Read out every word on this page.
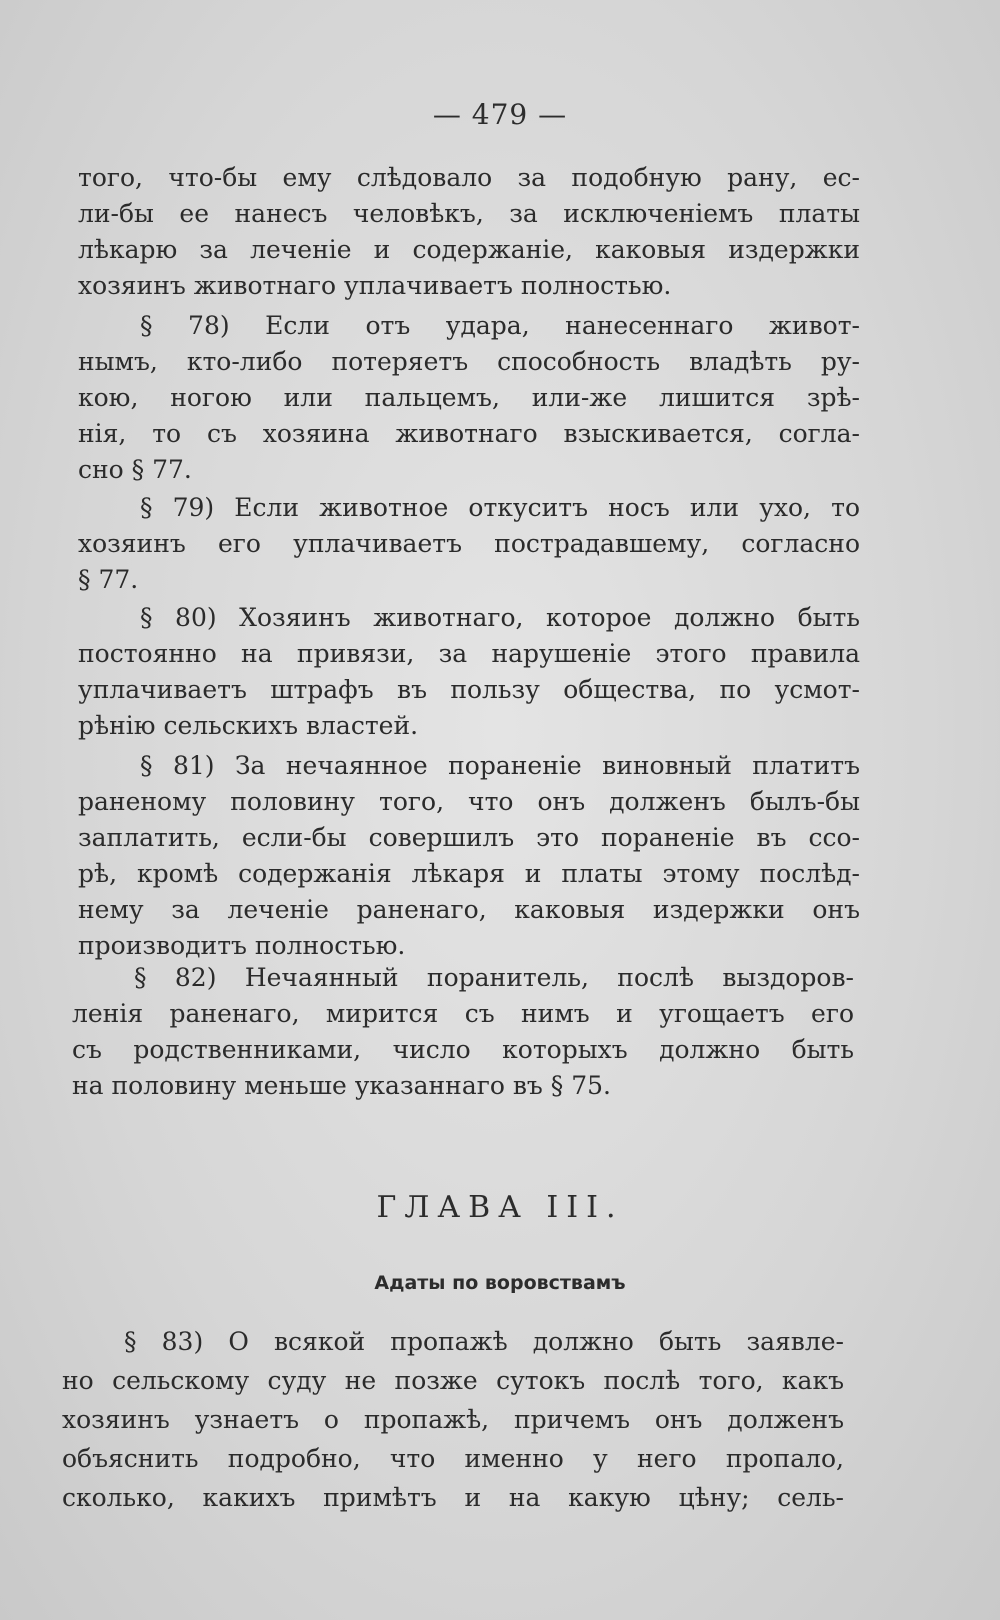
— 479 —
того, что-бы ему слѣдовало за подобную рану, ес-
ли-бы ее нанесъ человѣкъ, за исключеніемъ платы
лѣкарю за леченіе и содержаніе, каковыя издержки
хозяинъ животнаго уплачиваетъ полностью.
§ 78) Если отъ удара, нанесеннаго живот-
нымъ, кто-либо потеряетъ способность владѣть ру-
кою, ногою или пальцемъ, или-же лишится зрѣ-
нія, то съ хозяина животнаго взыскивается, согла-
сно § 77.
§ 79) Если животное откуситъ носъ или ухо, то
хозяинъ его уплачиваетъ пострадавшему, согласно
§ 77.
§ 80) Хозяинъ животнаго, которое должно быть
постоянно на привязи, за нарушеніе этого правила
уплачиваетъ штрафъ въ пользу общества, по усмот-
рѣнію сельскихъ властей.
§ 81) За нечаянное пораненіе виновный платитъ
раненому половину того, что онъ долженъ былъ-бы
заплатить, если-бы совершилъ это пораненіе въ ссо-
рѣ, кромѣ содержанія лѣкаря и платы этому послѣд-
нему за леченіе раненаго, каковыя издержки онъ
производитъ полностью.
§ 82) Нечаянный поранитель, послѣ выздоров-
ленія раненаго, мирится съ нимъ и угощаетъ его
съ родственниками, число которыхъ должно быть
на половину меньше указаннаго въ § 75.
ГЛАВА III.
Адаты по воровствамъ
§ 83) О всякой пропажѣ должно быть заявле-
но сельскому суду не позже сутокъ послѣ того, какъ
хозяинъ узнаетъ о пропажѣ, причемъ онъ долженъ
объяснить подробно, что именно у него пропало,
сколько, какихъ примѣтъ и на какую цѣну; сель-
